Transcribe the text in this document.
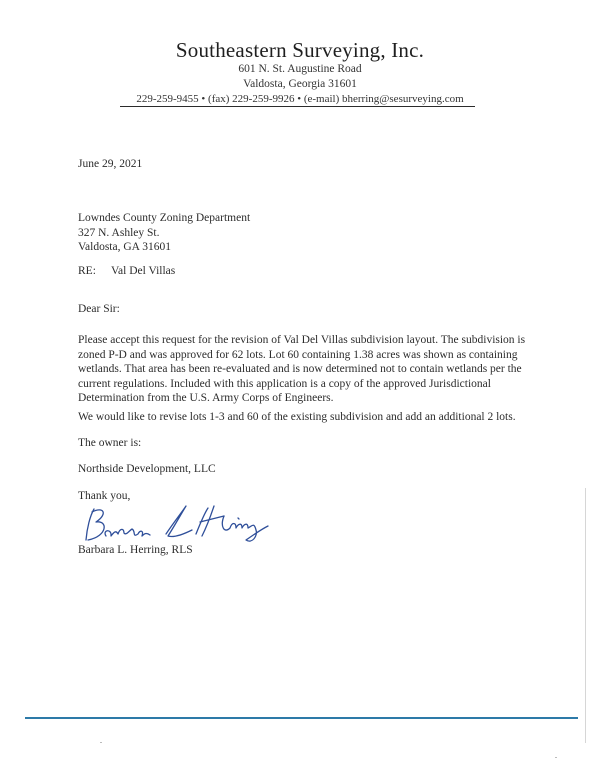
Southeastern Surveying, Inc.
601 N. St. Augustine Road
Valdosta, Georgia 31601
229-259-9455 • (fax) 229-259-9926 • (e-mail) bherring@sesurveying.com
June 29, 2021
Lowndes County Zoning Department
327 N. Ashley St.
Valdosta, GA 31601
RE: Val Del Villas
Dear Sir:
Please accept this request for the revision of Val Del Villas subdivision layout. The subdivision is zoned P-D and was approved for 62 lots. Lot 60 containing 1.38 acres was shown as containing wetlands. That area has been re-evaluated and is now determined not to contain wetlands per the current regulations. Included with this application is a copy of the approved Jurisdictional Determination from the U.S. Army Corps of Engineers.
We would like to revise lots 1-3 and 60 of the existing subdivision and add an additional 2 lots.
The owner is:
Northside Development, LLC
Thank you,
Barbara L. Herring, RLS
